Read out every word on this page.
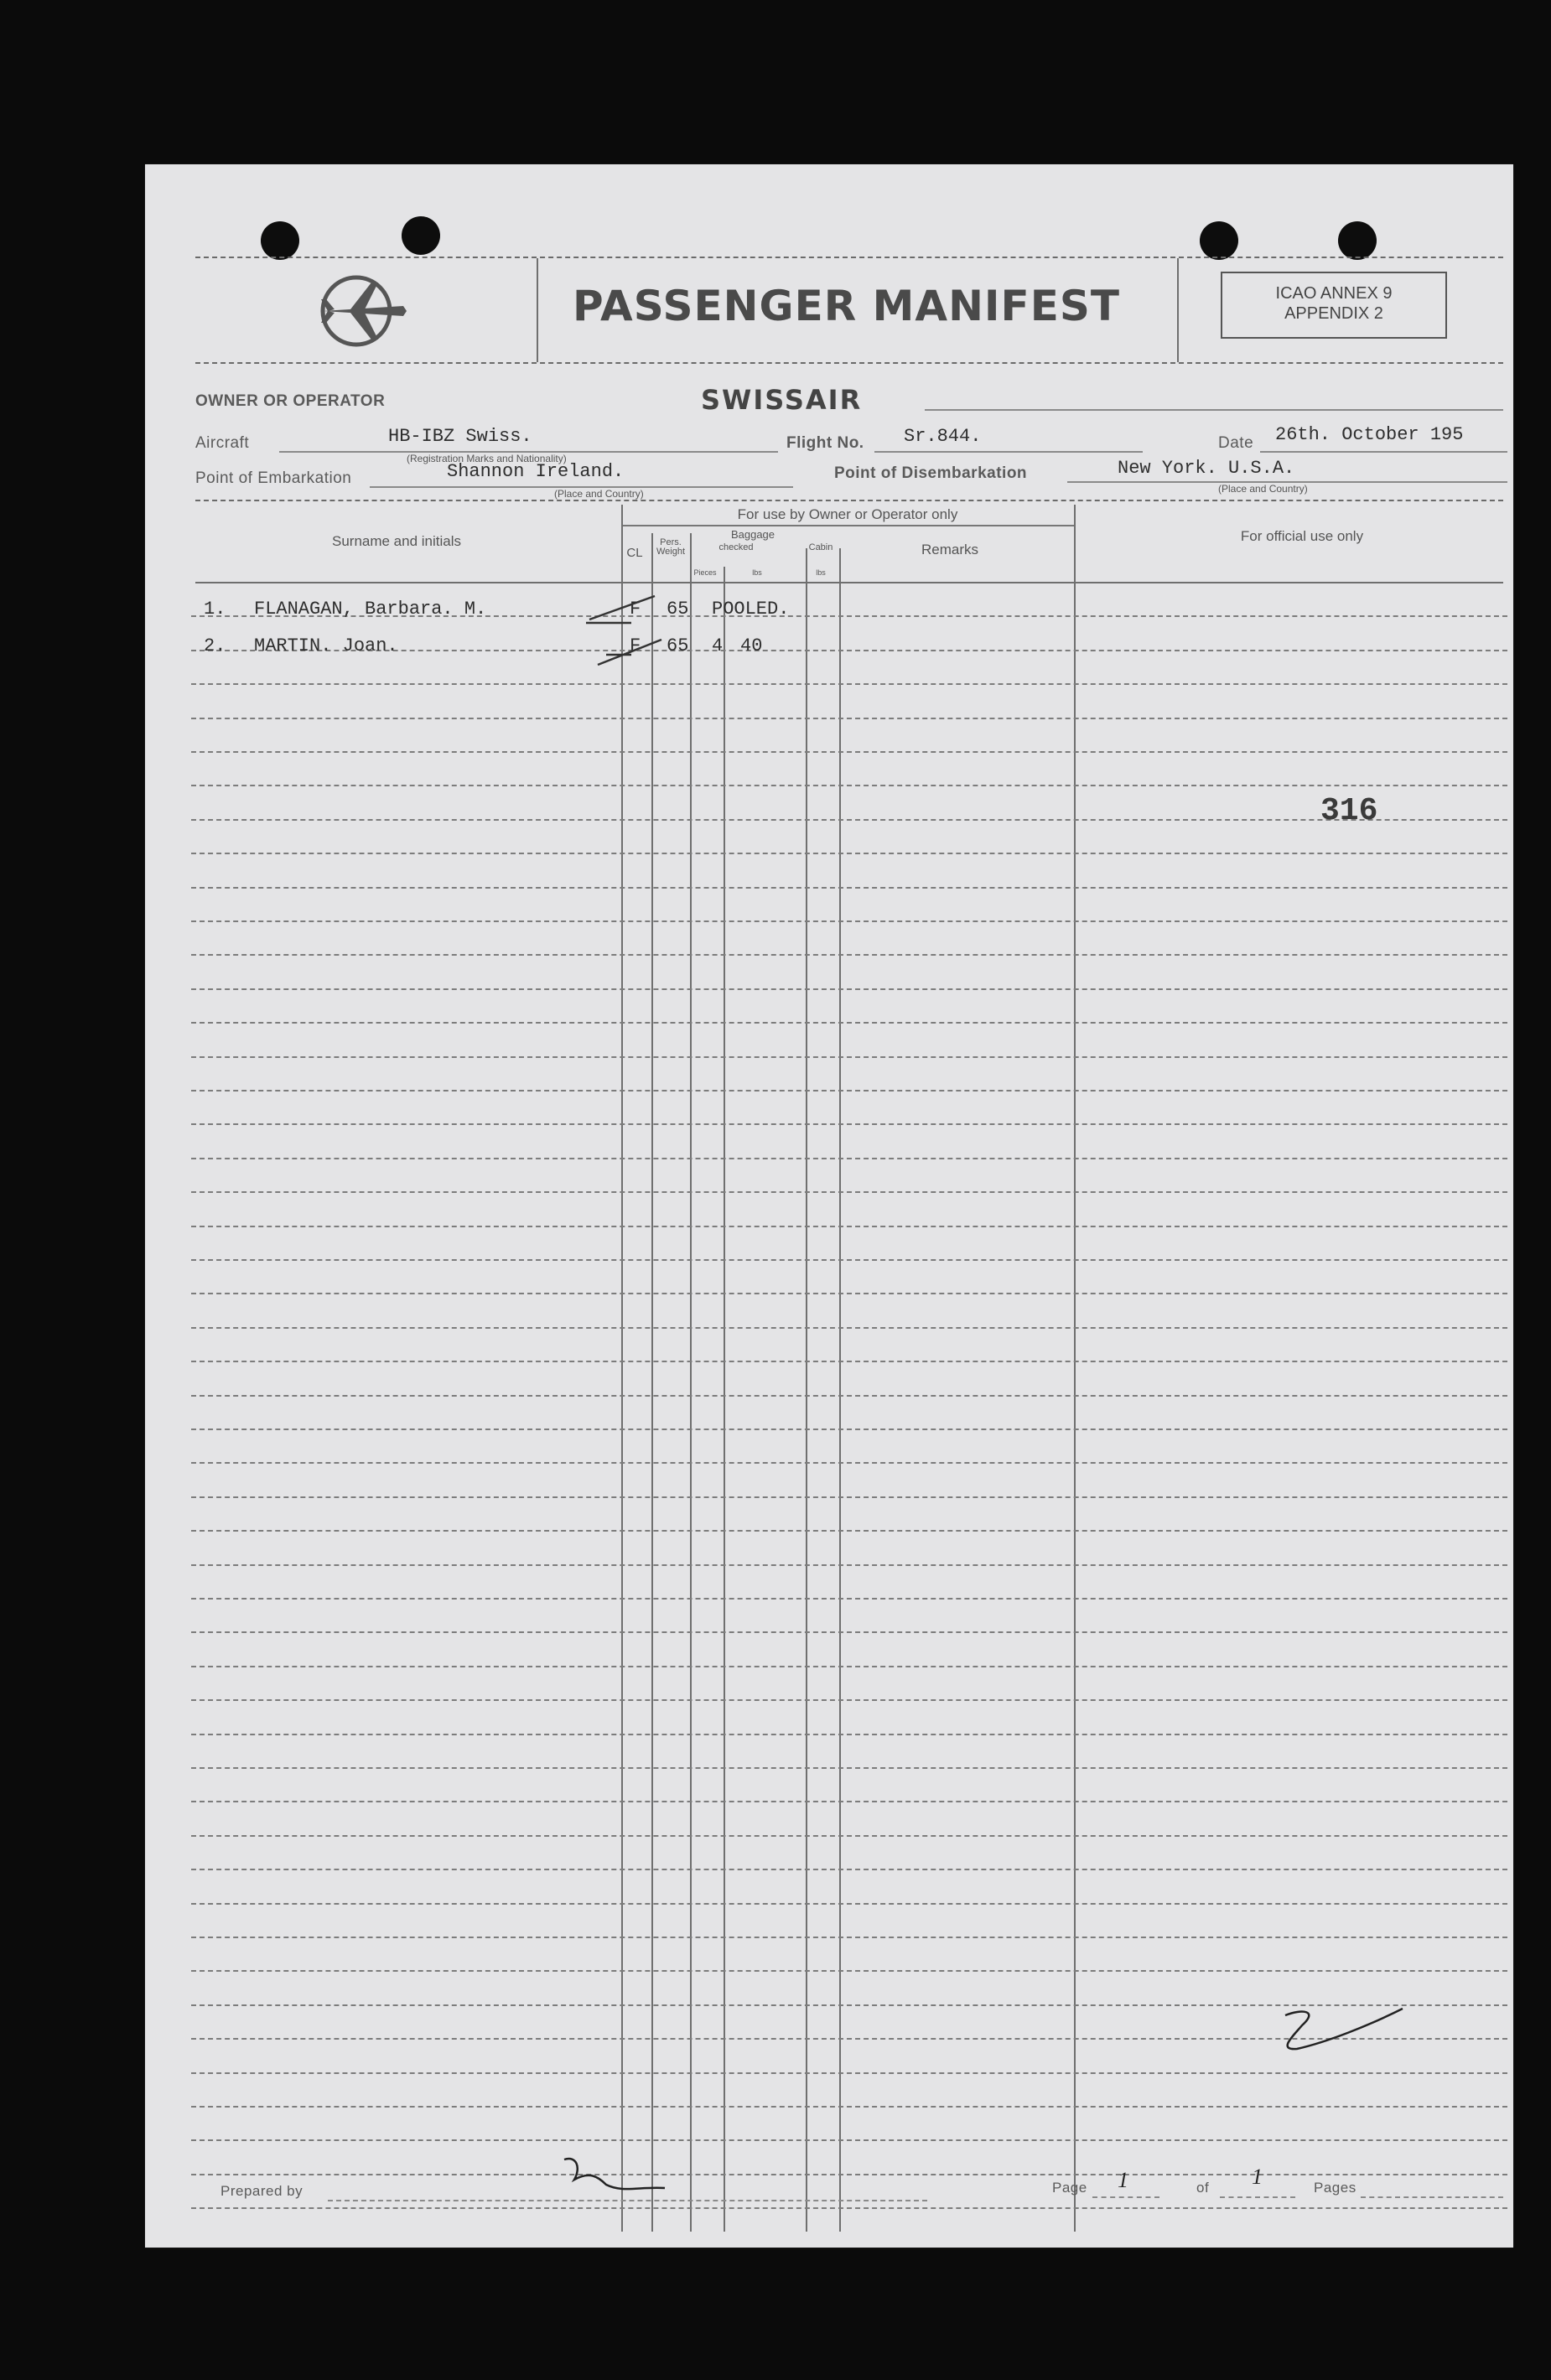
PASSENGER MANIFEST	ICAO ANNEX 9
APPENDIX 2
OWNER OR OPERATOR	SWISSAIR
Aircraft	HB-IBZ Swiss.
(Registration Marks and Nationality)
Flight No. Sr.844.	Date 26th. October 195
Point of Embarkation	Shannon Ireland.
(Place and Country)
Point of Disembarkation	New York. U.S.A.
(Place and Country)
Surname and initials
For use by Owner or Operator only
For official use only
Remarks
CL
Pers.
Weight
Baggage
checked	Cabin
Pieces	lbs	lbs
1. FLANAGAN, Barbara. M.	F 65 POOLED.
2. MARTIN. Joan.	F 65 4 40
316
Prepared by	Page 1	of 1	Pages
